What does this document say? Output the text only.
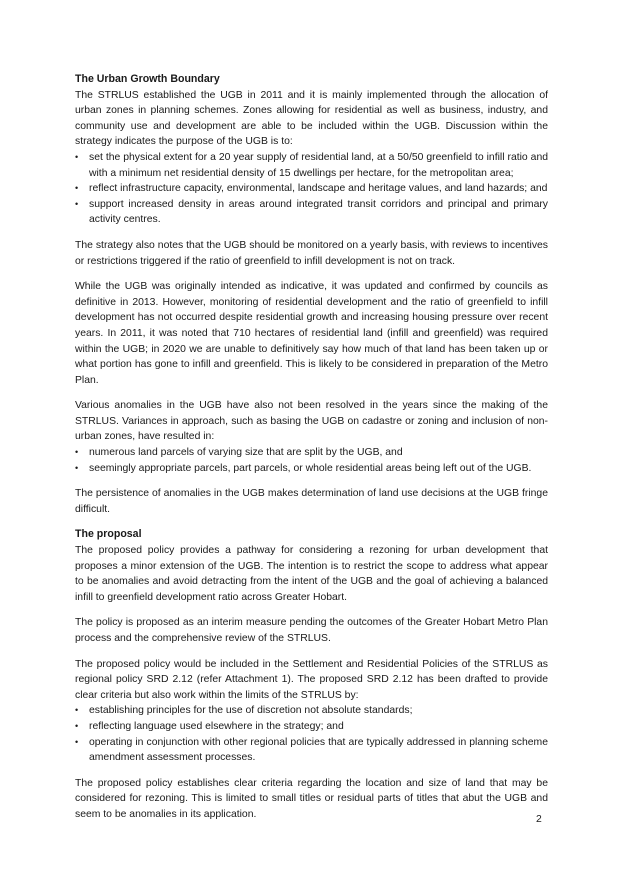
The Urban Growth Boundary

The STRLUS established the UGB in 2011 and it is mainly implemented through the allocation of urban zones in planning schemes. Zones allowing for residential as well as business, industry, and community use and development are able to be included within the UGB. Discussion within the strategy indicates the purpose of the UGB is to:

• set the physical extent for a 20 year supply of residential land, at a 50/50 greenfield to infill ratio and with a minimum net residential density of 15 dwellings per hectare, for the metropolitan area;
• reflect infrastructure capacity, environmental, landscape and heritage values, and land hazards; and
• support increased density in areas around integrated transit corridors and principal and primary activity centres.

The strategy also notes that the UGB should be monitored on a yearly basis, with reviews to incentives or restrictions triggered if the ratio of greenfield to infill development is not on track.

While the UGB was originally intended as indicative, it was updated and confirmed by councils as definitive in 2013. However, monitoring of residential development and the ratio of greenfield to infill development has not occurred despite residential growth and increasing housing pressure over recent years. In 2011, it was noted that 710 hectares of residential land (infill and greenfield) was required within the UGB; in 2020 we are unable to definitively say how much of that land has been taken up or what portion has gone to infill and greenfield. This is likely to be considered in preparation of the Metro Plan.

Various anomalies in the UGB have also not been resolved in the years since the making of the STRLUS. Variances in approach, such as basing the UGB on cadastre or zoning and inclusion of non-urban zones, have resulted in:

• numerous land parcels of varying size that are split by the UGB, and
• seemingly appropriate parcels, part parcels, or whole residential areas being left out of the UGB.

The persistence of anomalies in the UGB makes determination of land use decisions at the UGB fringe difficult.

The proposal

The proposed policy provides a pathway for considering a rezoning for urban development that proposes a minor extension of the UGB. The intention is to restrict the scope to address what appear to be anomalies and avoid detracting from the intent of the UGB and the goal of achieving a balanced infill to greenfield development ratio across Greater Hobart.

The policy is proposed as an interim measure pending the outcomes of the Greater Hobart Metro Plan process and the comprehensive review of the STRLUS.

The proposed policy would be included in the Settlement and Residential Policies of the STRLUS as regional policy SRD 2.12 (refer Attachment 1). The proposed SRD 2.12 has been drafted to provide clear criteria but also work within the limits of the STRLUS by:

• establishing principles for the use of discretion not absolute standards;
• reflecting language used elsewhere in the strategy; and
• operating in conjunction with other regional policies that are typically addressed in planning scheme amendment assessment processes.

The proposed policy establishes clear criteria regarding the location and size of land that may be considered for rezoning. This is limited to small titles or residual parts of titles that abut the UGB and seem to be anomalies in its application.	2
